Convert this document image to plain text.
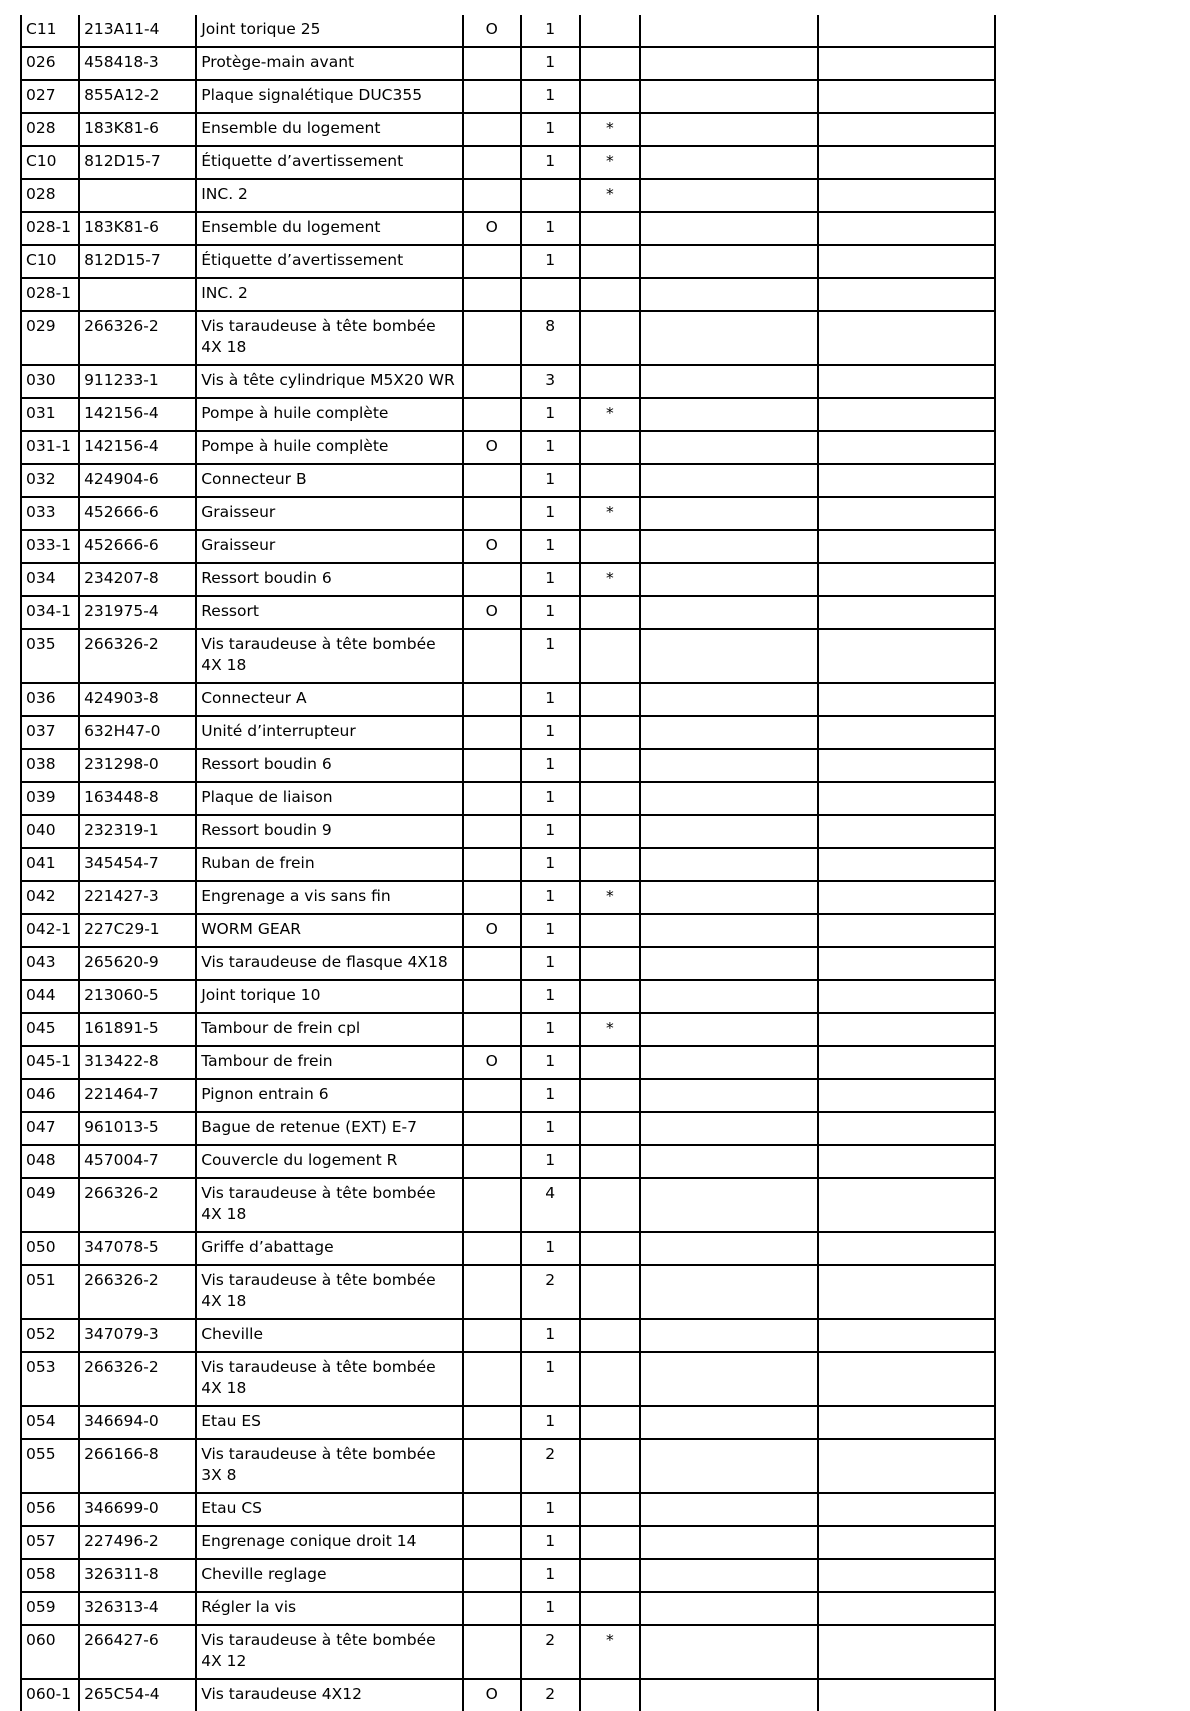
C11	213A11-4	Joint torique 25	O	1			
026	458418-3	Protège-main avant		1			
027	855A12-2	Plaque signalétique DUC355		1			
028	183K81-6	Ensemble du logement		1	*		
C10	812D15-7	Étiquette d’avertissement		1	*		
028		INC. 2			*		
028-1	183K81-6	Ensemble du logement	O	1			
C10	812D15-7	Étiquette d’avertissement		1			
028-1		INC. 2					
029	266326-2	Vis taraudeuse à tête bombée 4X 18		8			
030	911233-1	Vis à tête cylindrique M5X20 WR		3			
031	142156-4	Pompe à huile complète		1	*		
031-1	142156-4	Pompe à huile complète	O	1			
032	424904-6	Connecteur B		1			
033	452666-6	Graisseur		1	*		
033-1	452666-6	Graisseur	O	1			
034	234207-8	Ressort boudin 6		1	*		
034-1	231975-4	Ressort	O	1			
035	266326-2	Vis taraudeuse à tête bombée 4X 18		1			
036	424903-8	Connecteur A		1			
037	632H47-0	Unité d’interrupteur		1			
038	231298-0	Ressort boudin 6		1			
039	163448-8	Plaque de liaison		1			
040	232319-1	Ressort boudin 9		1			
041	345454-7	Ruban de frein		1			
042	221427-3	Engrenage a vis sans fin		1	*		
042-1	227C29-1	WORM GEAR	O	1			
043	265620-9	Vis taraudeuse de flasque 4X18		1			
044	213060-5	Joint torique 10		1			
045	161891-5	Tambour de frein cpl		1	*		
045-1	313422-8	Tambour de frein	O	1			
046	221464-7	Pignon entrain 6		1			
047	961013-5	Bague de retenue (EXT) E-7		1			
048	457004-7	Couvercle du logement R		1			
049	266326-2	Vis taraudeuse à tête bombée 4X 18		4			
050	347078-5	Griffe d’abattage		1			
051	266326-2	Vis taraudeuse à tête bombée 4X 18		2			
052	347079-3	Cheville		1			
053	266326-2	Vis taraudeuse à tête bombée 4X 18		1			
054	346694-0	Etau ES		1			
055	266166-8	Vis taraudeuse à tête bombée 3X 8		2			
056	346699-0	Etau CS		1			
057	227496-2	Engrenage conique droit 14		1			
058	326311-8	Cheville reglage		1			
059	326313-4	Régler la vis		1			
060	266427-6	Vis taraudeuse à tête bombée 4X 12		2	*		
060-1	265C54-4	Vis taraudeuse 4X12	O	2			
